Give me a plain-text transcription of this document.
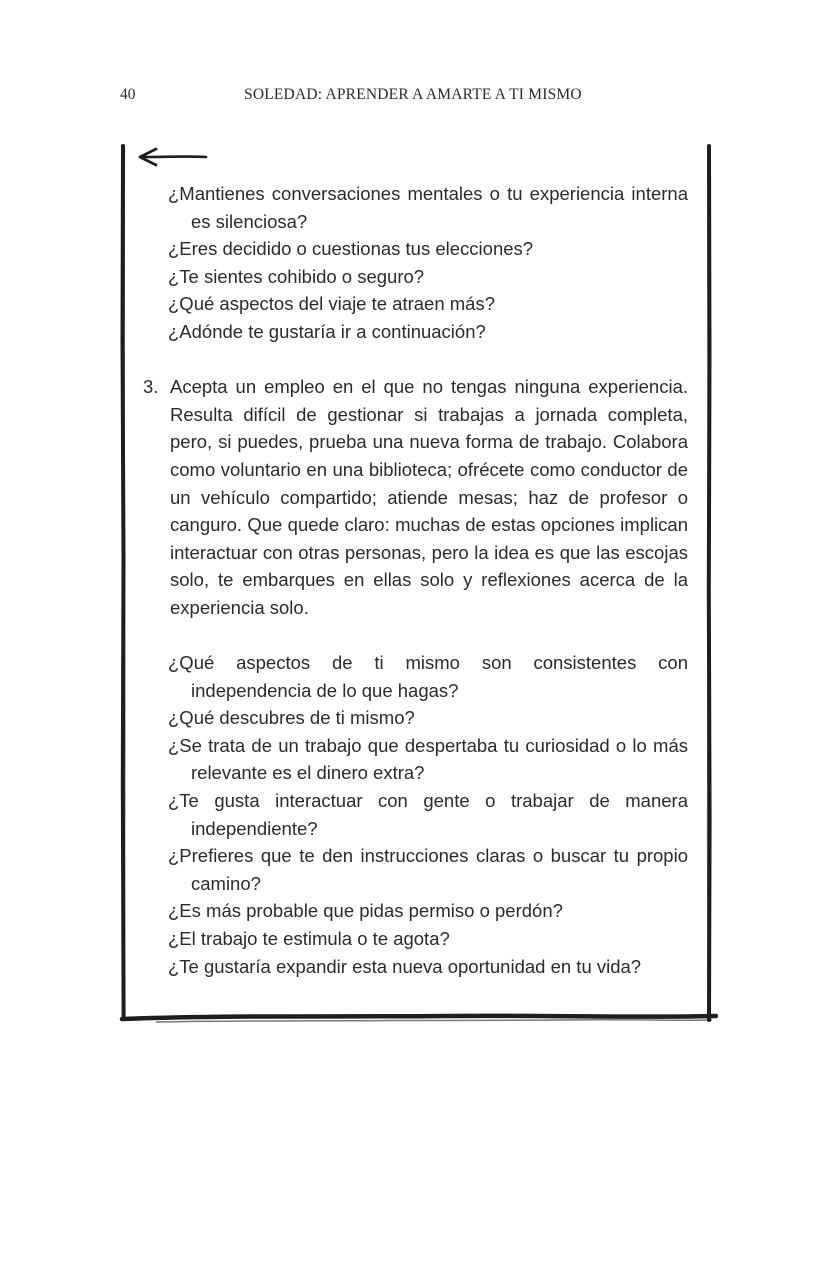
40	SOLEDAD: APRENDER A AMARTE A TI MISMO
¿Mantienes conversaciones mentales o tu experiencia interna es silenciosa?
¿Eres decidido o cuestionas tus elecciones?
¿Te sientes cohibido o seguro?
¿Qué aspectos del viaje te atraen más?
¿Adónde te gustaría ir a continuación?
3. Acepta un empleo en el que no tengas ninguna experiencia. Resulta difícil de gestionar si trabajas a jornada completa, pero, si puedes, prueba una nueva forma de trabajo. Colabora como voluntario en una biblioteca; ofrécete como conductor de un vehículo compartido; atiende mesas; haz de profesor o canguro. Que quede claro: muchas de estas opciones implican interactuar con otras personas, pero la idea es que las escojas solo, te embarques en ellas solo y reflexiones acerca de la experiencia solo.
¿Qué aspectos de ti mismo son consistentes con independencia de lo que hagas?
¿Qué descubres de ti mismo?
¿Se trata de un trabajo que despertaba tu curiosidad o lo más relevante es el dinero extra?
¿Te gusta interactuar con gente o trabajar de manera independiente?
¿Prefieres que te den instrucciones claras o buscar tu propio camino?
¿Es más probable que pidas permiso o perdón?
¿El trabajo te estimula o te agota?
¿Te gustaría expandir esta nueva oportunidad en tu vida?
